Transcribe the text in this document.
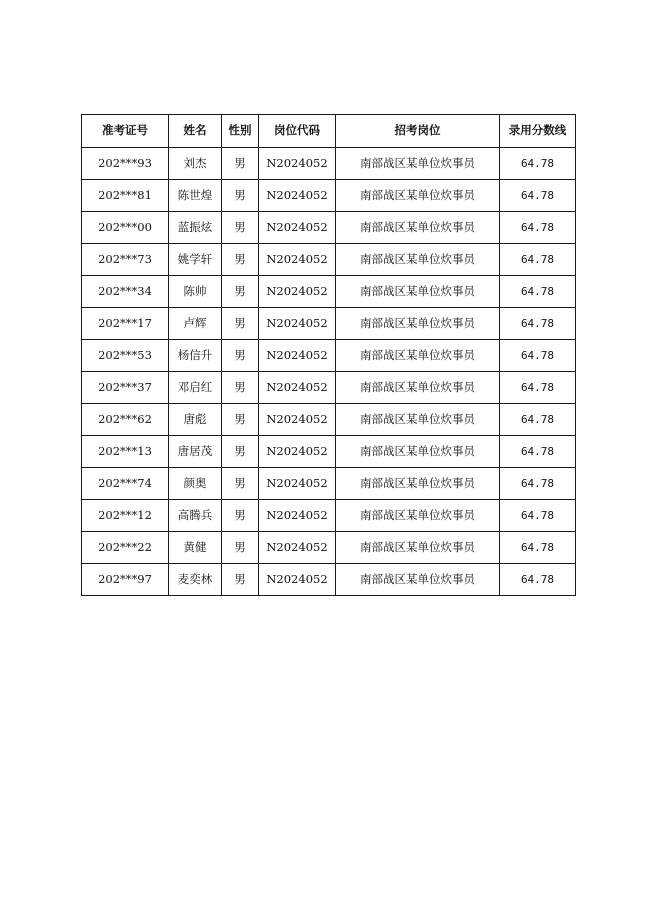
准考证号	姓名	性别	岗位代码	招考岗位	录用分数线
202***93	刘杰	男	N2024052	南部战区某单位炊事员	64.78
202***81	陈世煌	男	N2024052	南部战区某单位炊事员	64.78
202***00	蓝振炫	男	N2024052	南部战区某单位炊事员	64.78
202***73	姚学轩	男	N2024052	南部战区某单位炊事员	64.78
202***34	陈帅	男	N2024052	南部战区某单位炊事员	64.78
202***17	卢辉	男	N2024052	南部战区某单位炊事员	64.78
202***53	杨信升	男	N2024052	南部战区某单位炊事员	64.78
202***37	邓启红	男	N2024052	南部战区某单位炊事员	64.78
202***62	唐彪	男	N2024052	南部战区某单位炊事员	64.78
202***13	唐居茂	男	N2024052	南部战区某单位炊事员	64.78
202***74	颜奥	男	N2024052	南部战区某单位炊事员	64.78
202***12	高腾兵	男	N2024052	南部战区某单位炊事员	64.78
202***22	黄健	男	N2024052	南部战区某单位炊事员	64.78
202***97	麦奕林	男	N2024052	南部战区某单位炊事员	64.78
